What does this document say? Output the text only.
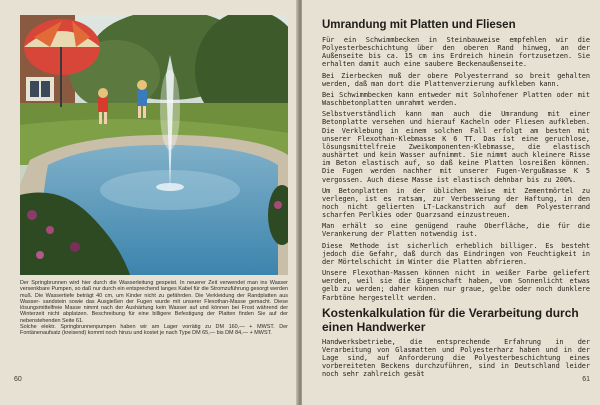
Der Springbrunnen wird hier durch die Wasserleitung gespeist. In neuerer Zeit verwendet man ins Wasser versenkbare Pumpen, so daß nur durch ein entsprechend langes Kabel für die Stromzuführung gesorgt werden muß. Die Wassertiefe beträgt 40 cm, um Kinder nicht zu gefährden. Die Verkleidung der Randplatten aus Wasser- sandstein sowie das Ausgießen der Fugen wurde mit unserer Flexothan-Masse gemacht. Diese lösungsmittelfreie Masse nimmt nach der Aushärtung kein Wasser auf und können bei Frost während der Winterzeit nicht abplatzen. Beschreibung für eine billigere Befestigung der Platten finden Sie auf der nebenstehenden Seite 61.

Solche elektr. Springbrunnenpumpen haben wir am Lager vorrätig zu DM 160,— + MWST. Der Fontänenaufsatz (kreisend) kommt noch hinzu und kostet je nach Type DM 65,— bis DM 84,— + MWST.

60
Umrandung mit Platten und Fliesen

Für ein Schwimmbecken in Steinbauweise empfehlen wir die Polyesterbeschichtung über den oberen Rand hinweg, an der Außenseite bis ca. 15 cm ins Erdreich hinein fortzusetzen. Sie erhalten damit auch eine saubere Beckenaußenseite.

Bei Zierbecken muß der obere Polyesterrand so breit gehalten werden, daß man dort die Plattenverzierung aufkleben kann.

Bei Schwimmbecken kann entweder mit Solnhofener Platten oder mit Waschbetonplatten umrahmt werden.

Selbstverständlich kann man auch die Umrandung mit einer Betonplatte versehen und hierauf Kacheln oder Fliesen aufkleben. Die Verklebung in einem solchen Fall erfolgt am besten mit unserer Flexothan-Klebmasse K 6 TT. Das ist eine geruchlose, lösungsmittelfreie Zweikomponenten-Klebmasse, die elastisch aushärtet und kein Wasser aufnimmt. Sie nimmt auch kleinere Risse im Beton elastisch auf, so daß keine Platten losreißen können. Die Fugen werden nachher mit unserer Fugen-Vergußmasse K 5 vergossen. Auch diese Masse ist elastisch dehnbar bis zu 200%.

Um Betonplatten in der üblichen Weise mit Zementmörtel zu verlegen, ist es ratsam, zur Verbesserung der Haftung, in den noch nicht gelierten LT-Lackanstrich auf dem Polyesterrand scharfen Perlkies oder Quarzsand einzustreuen.

Man erhält so eine genügend rauhe Oberfläche, die für die Verankerung der Platten notwendig ist.

Diese Methode ist sicherlich erheblich billiger. Es besteht jedoch die Gefahr, daß durch das Eindringen von Feuchtigkeit in der Mörtelschicht im Winter die Platten abfrieren.

Unsere Flexothan-Massen können nicht in weißer Farbe geliefert werden, weil sie die Eigenschaft haben, vom Sonnenlicht etwas gelb zu werden; daher können nur graue, gelbe oder noch dunklere Farbtöne hergestellt werden.

Kostenkalkulation für die Verarbeitung durch einen Handwerker

Handwerksbetriebe, die entsprechende Erfahrung in der Verarbeitung von Glasmatten und Polyesterharz haben und in der Lage sind, auf Anforderung die Polyesterbeschichtung eines vorbereiteten Beckens durchzuführen, sind in Deutschland leider noch sehr zahlreich gesät

61
